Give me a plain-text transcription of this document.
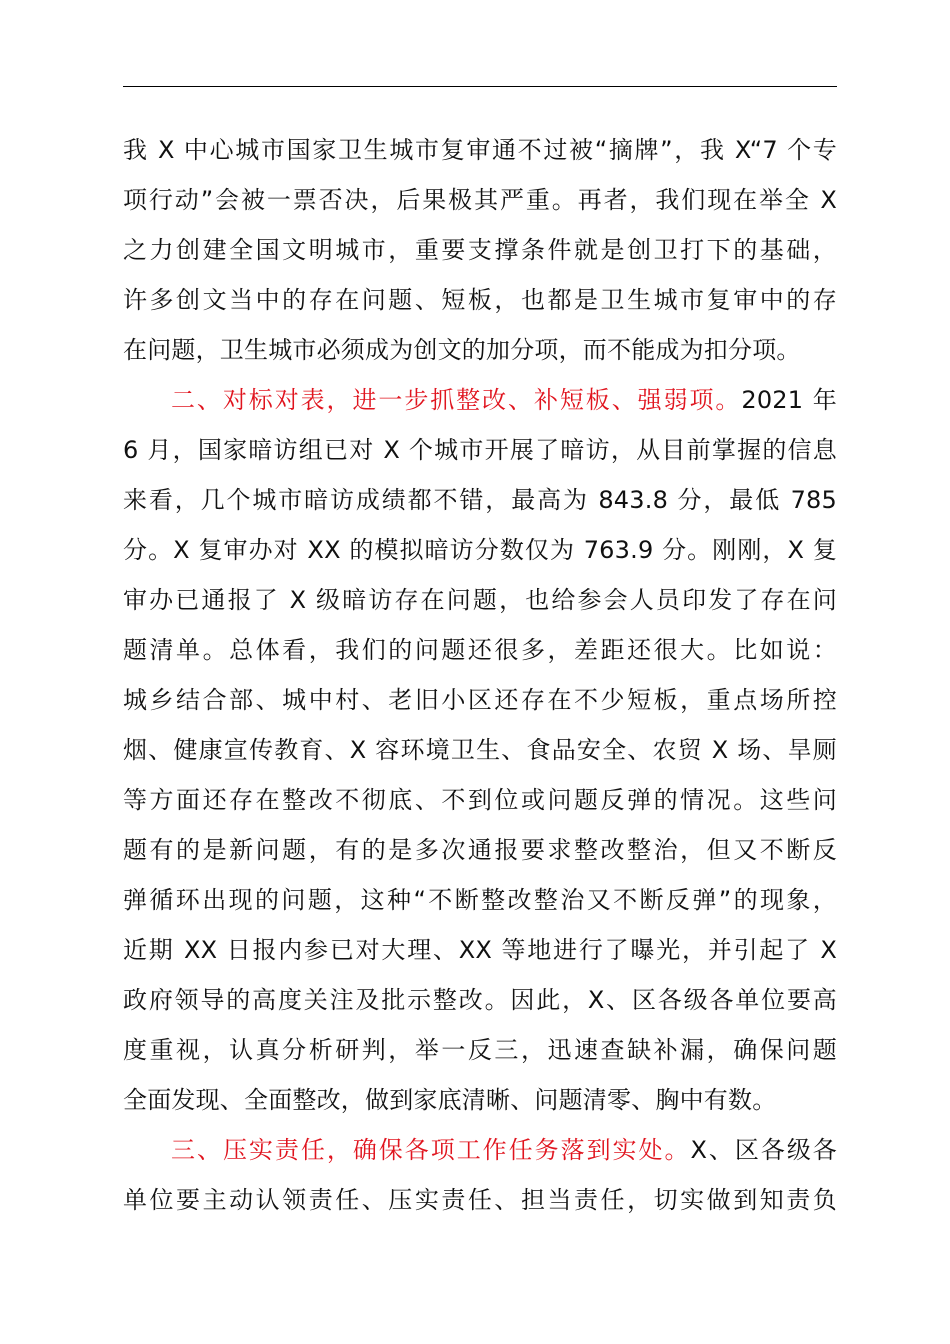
我 X 中心城市国家卫生城市复审通不过被“摘牌”，我 X“7 个专
项行动”会被一票否决，后果极其严重。再者，我们现在举全 X
之力创建全国文明城市，重要支撑条件就是创卫打下的基础，
许多创文当中的存在问题、短板，也都是卫生城市复审中的存
在问题，卫生城市必须成为创文的加分项，而不能成为扣分项。
二、对标对表，进一步抓整改、补短板、强弱项。2021 年
6 月，国家暗访组已对 X 个城市开展了暗访，从目前掌握的信息
来看，几个城市暗访成绩都不错，最高为 843.8 分，最低 785
分。X 复审办对 XX 的模拟暗访分数仅为 763.9 分。刚刚，X 复
审办已通报了 X 级暗访存在问题，也给参会人员印发了存在问
题清单。总体看，我们的问题还很多，差距还很大。比如说：
城乡结合部、城中村、老旧小区还存在不少短板，重点场所控
烟、健康宣传教育、X 容环境卫生、食品安全、农贸 X 场、旱厕
等方面还存在整改不彻底、不到位或问题反弹的情况。这些问
题有的是新问题，有的是多次通报要求整改整治，但又不断反
弹循环出现的问题，这种“不断整改整治又不断反弹”的现象，
近期 XX 日报内参已对大理、XX 等地进行了曝光，并引起了 X
政府领导的高度关注及批示整改。因此，X、区各级各单位要高
度重视，认真分析研判，举一反三，迅速查缺补漏，确保问题
全面发现、全面整改，做到家底清晰、问题清零、胸中有数。
三、压实责任，确保各项工作任务落到实处。X、区各级各
单位要主动认领责任、压实责任、担当责任，切实做到知责负
